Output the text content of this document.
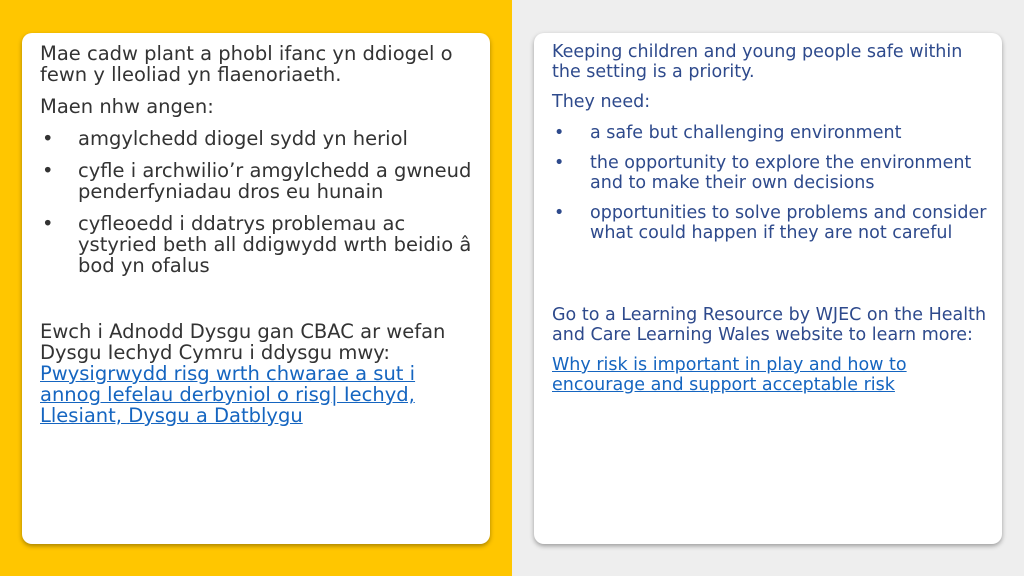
Mae cadw plant a phobl ifanc yn ddiogel o fewn y lleoliad yn flaenoriaeth.

Maen nhw angen:

• amgylchedd diogel sydd yn heriol
• cyfle i archwilio’r amgylchedd a gwneud penderfyniadau dros eu hunain
• cyfleoedd i ddatrys problemau ac ystyried beth all ddigwydd wrth beidio â bod yn ofalus

Ewch i Adnodd Dysgu gan CBAC ar wefan Dysgu Iechyd Cymru i ddysgu mwy:

Pwysigrwydd risg wrth chwarae a sut i annog lefelau derbyniol o risg| Iechyd, Llesiant, Dysgu a Datblygu

Keeping children and young people safe within the setting is a priority.

They need:

• a safe but challenging environment
• the opportunity to explore the environment and to make their own decisions
• opportunities to solve problems and consider what could happen if they are not careful

Go to a Learning Resource by WJEC on the Health and Care Learning Wales website to learn more:

Why risk is important in play and how to encourage and support acceptable risk
